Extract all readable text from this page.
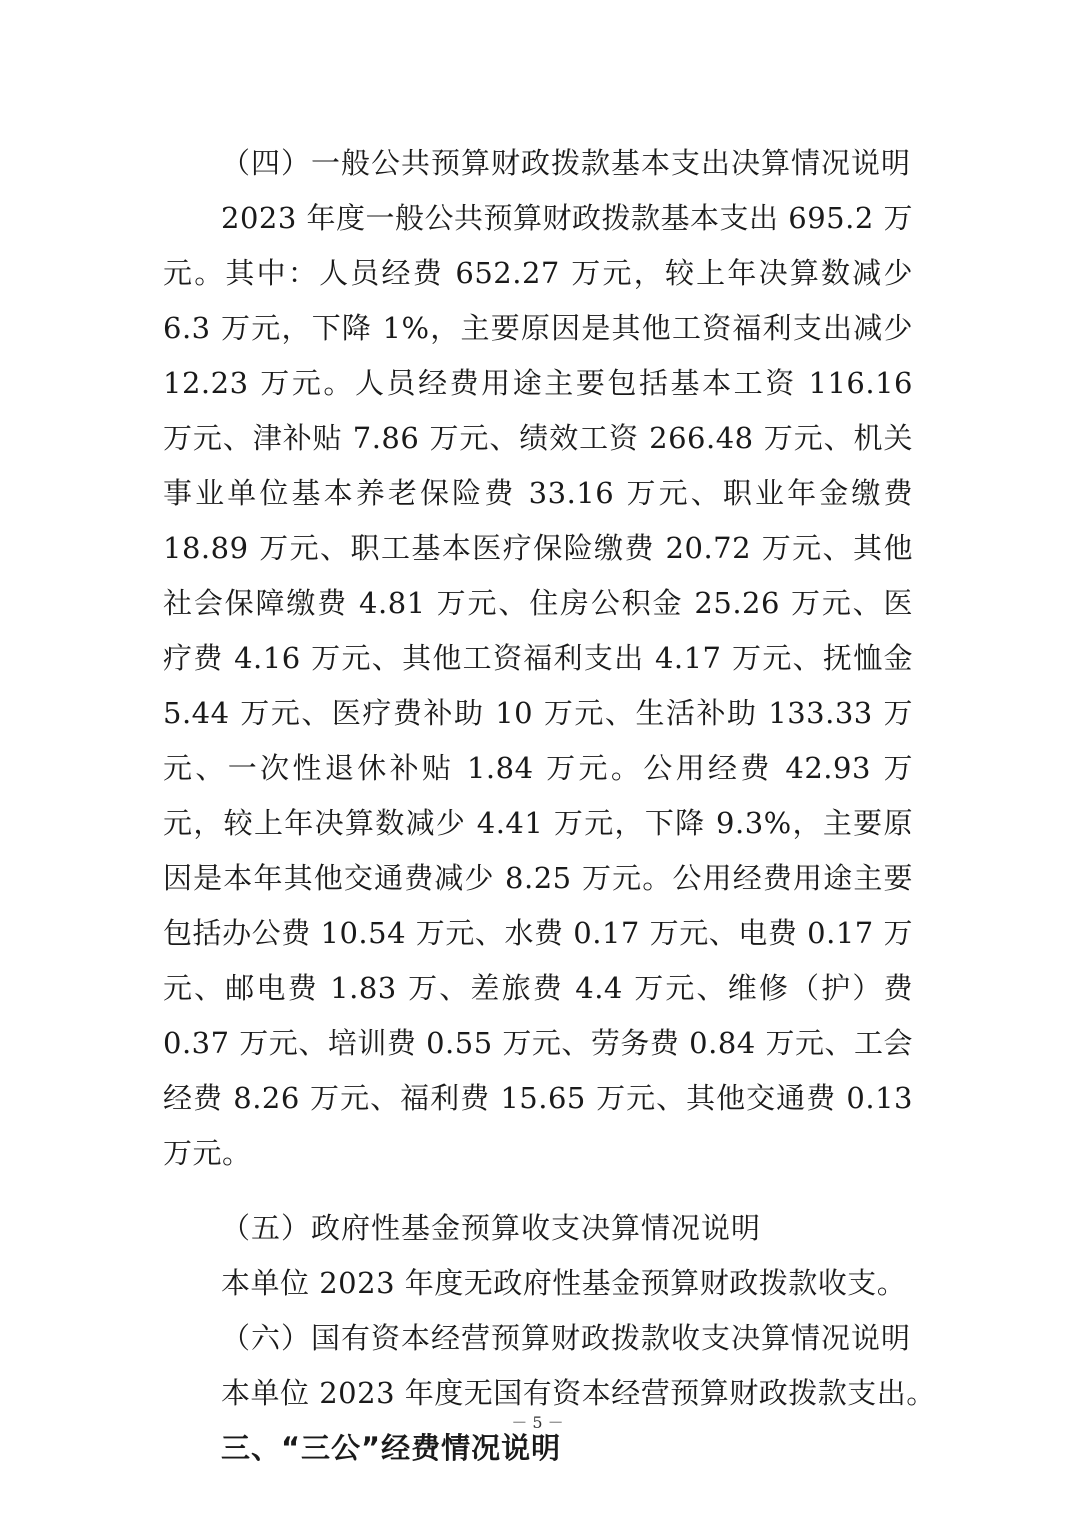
（四）一般公共预算财政拨款基本支出决算情况说明

2023 年度一般公共预算财政拨款基本支出 695.2 万元。其中：人员经费 652.27 万元，较上年决算数减少 6.3 万元，下降 1%，主要原因是其他工资福利支出减少 12.23 万元。人员经费用途主要包括基本工资 116.16 万元、津补贴 7.86 万元、绩效工资 266.48 万元、机关事业单位基本养老保险费 33.16 万元、职业年金缴费 18.89 万元、职工基本医疗保险缴费 20.72 万元、其他社会保障缴费 4.81 万元、住房公积金 25.26 万元、医疗费 4.16 万元、其他工资福利支出 4.17 万元、抚恤金 5.44 万元、医疗费补助 10 万元、生活补助 133.33 万元、一次性退休补贴 1.84 万元。公用经费 42.93 万元，较上年决算数减少 4.41 万元，下降 9.3%，主要原因是本年其他交通费减少 8.25 万元。公用经费用途主要包括办公费 10.54 万元、水费 0.17 万元、电费 0.17 万元、邮电费 1.83 万、差旅费 4.4 万元、维修（护）费 0.37 万元、培训费 0.55 万元、劳务费 0.84 万元、工会经费 8.26 万元、福利费 15.65 万元、其他交通费 0.13 万元。

（五）政府性基金预算收支决算情况说明

本单位 2023 年度无政府性基金预算财政拨款收支。

（六）国有资本经营预算财政拨款收支决算情况说明

本单位 2023 年度无国有资本经营预算财政拨款支出。

三、“三公”经费情况说明

－ 5 －
